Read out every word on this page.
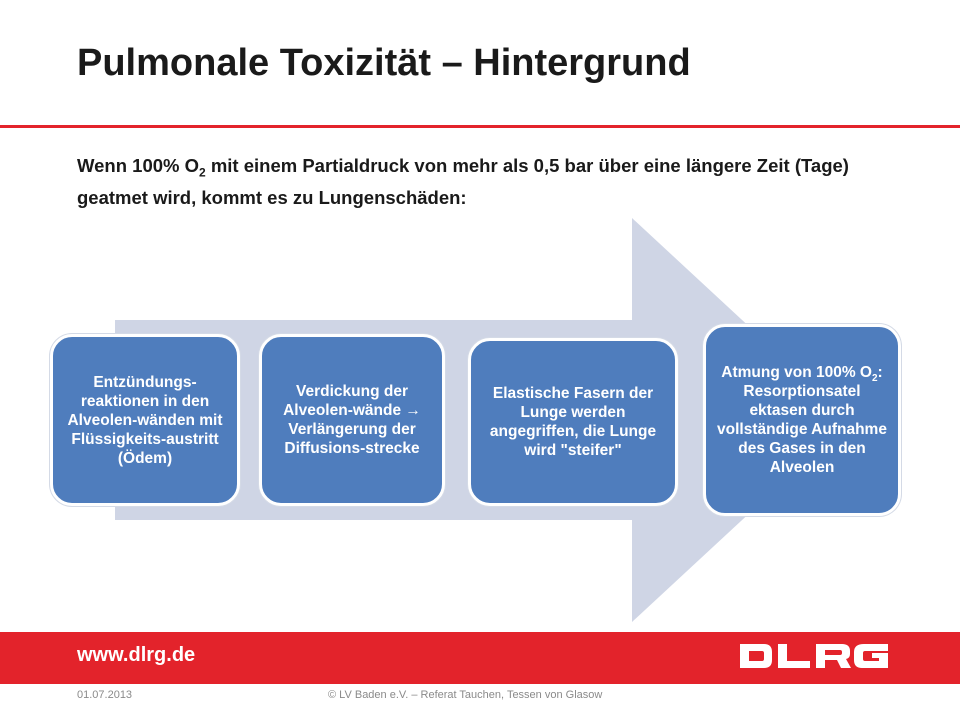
Pulmonale Toxizität – Hintergrund
Wenn 100% $O_2$ mit einem Partialdruck von mehr als 0,5 bar über eine längere Zeit (Tage) geatmet wird, kommt es zu Lungenschäden:
Entzündungs-reaktionen in den Alveolen-wänden mit Flüssigkeits-austritt (Ödem)
Verdickung der Alveolen-wände → Verlängerung der Diffusions-strecke
Elastische Fasern der Lunge werden angegriffen, die Lunge wird "steifer"
Atmung von 100% $O_2$: Resorptionsatel ektasen durch vollständige Aufnahme des Gases in den Alveolen
www.dlrg.de
01.07.2013	© LV Baden e.V. – Referat Tauchen, Tessen von Glasow
